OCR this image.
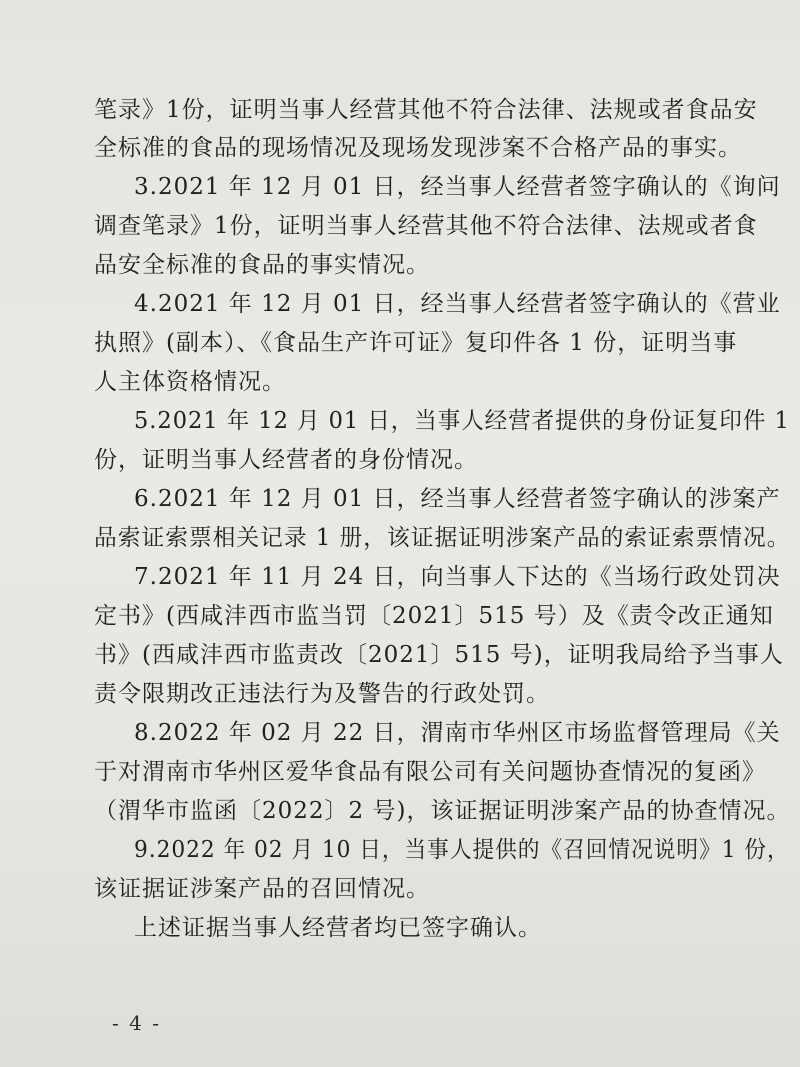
笔录》1份，证明当事人经营其他不符合法律、法规或者食品安
全标准的食品的现场情况及现场发现涉案不合格产品的事实。
3.2021 年 12 月 01 日，经当事人经营者签字确认的《询问
调查笔录》1份，证明当事人经营其他不符合法律、法规或者食
品安全标准的食品的事实情况。
4.2021 年 12 月 01 日，经当事人经营者签字确认的《营业
执照》(副本）、《食品生产许可证》复印件各 1 份，证明当事
人主体资格情况。
5.2021 年 12 月 01 日，当事人经营者提供的身份证复印件 1
份，证明当事人经营者的身份情况。
6.2021 年 12 月 01 日，经当事人经营者签字确认的涉案产
品索证索票相关记录 1 册，该证据证明涉案产品的索证索票情况。
7.2021 年 11 月 24 日，向当事人下达的《当场行政处罚决
定书》(西咸沣西市监当罚〔2021〕515 号）及《责令改正通知
书》(西咸沣西市监责改〔2021〕515 号)，证明我局给予当事人
责令限期改正违法行为及警告的行政处罚。
8.2022 年 02 月 22 日，渭南市华州区市场监督管理局《关
于对渭南市华州区爱华食品有限公司有关问题协查情况的复函》
（渭华市监函〔2022〕2 号)，该证据证明涉案产品的协查情况。
9.2022 年 02 月 10 日，当事人提供的《召回情况说明》1 份，
该证据证涉案产品的召回情况。
上述证据当事人经营者均已签字确认。
- 4 -
